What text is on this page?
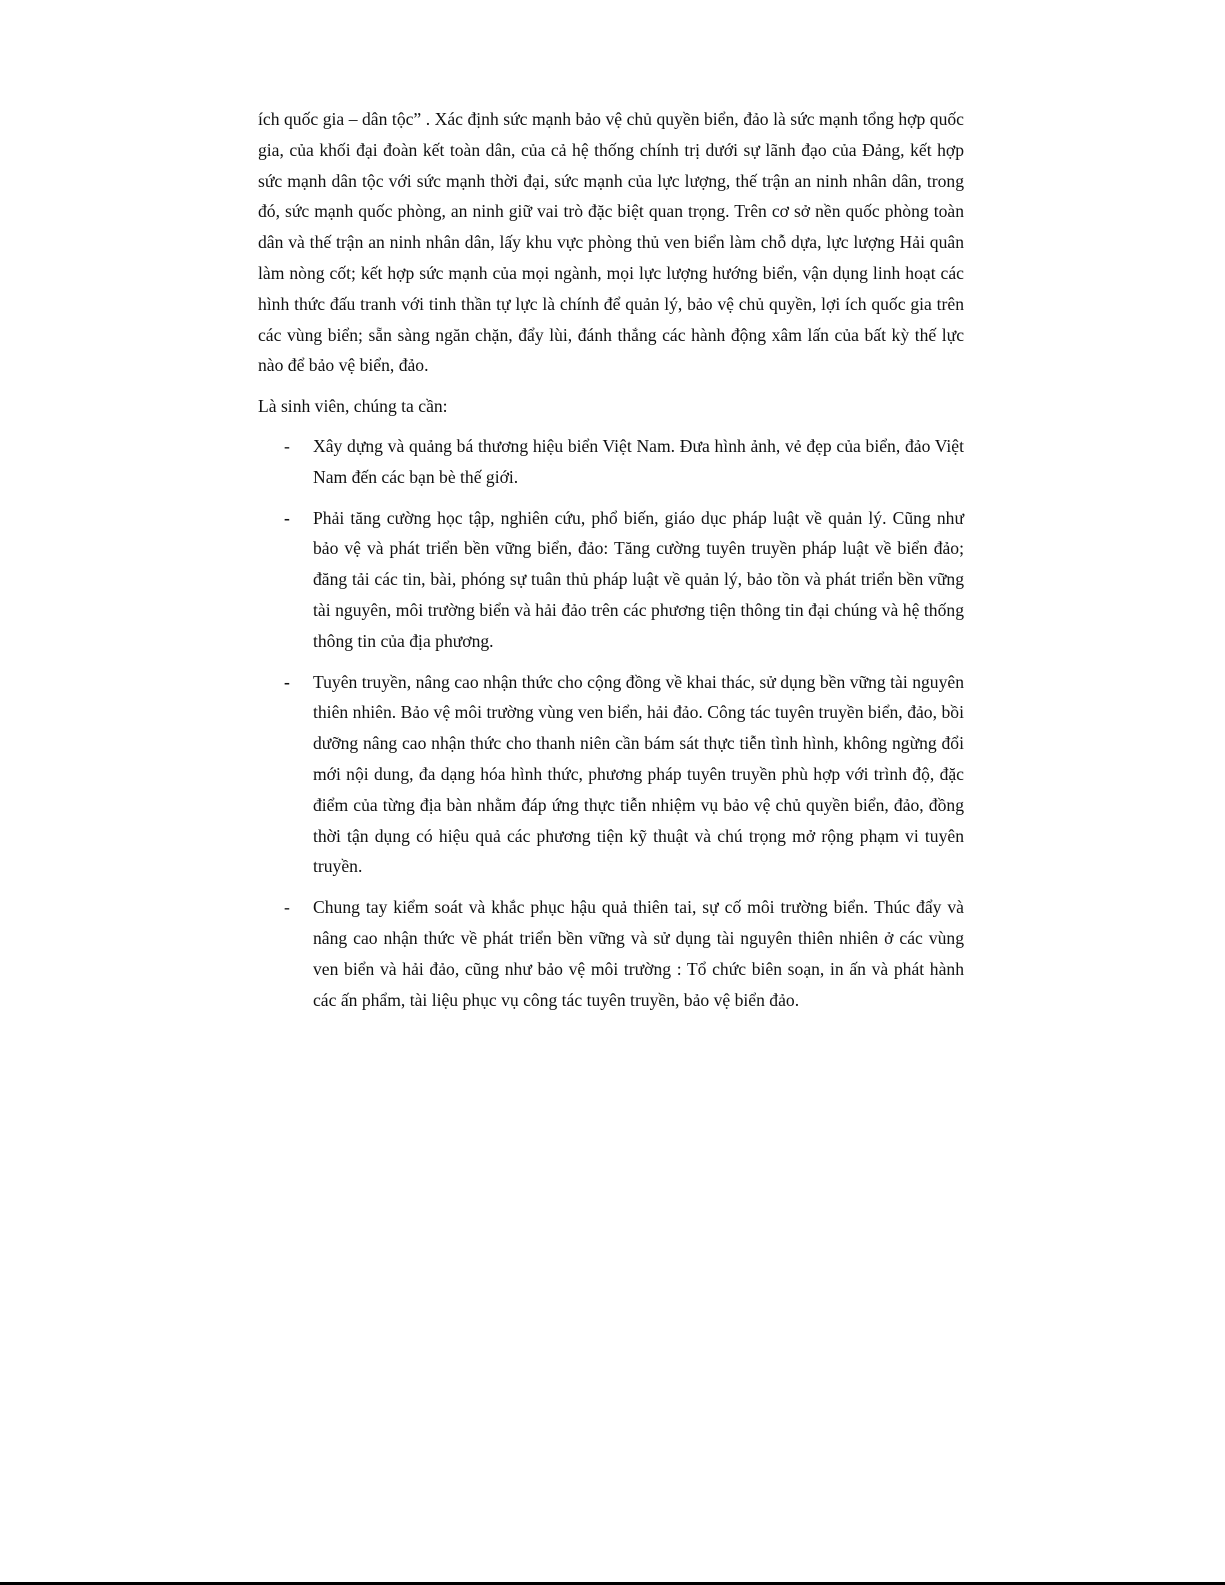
ích quốc gia – dân tộc” . Xác định sức mạnh bảo vệ chủ quyền biển, đảo là sức mạnh tổng hợp quốc gia, của khối đại đoàn kết toàn dân, của cả hệ thống chính trị dưới sự lãnh đạo của Đảng, kết hợp sức mạnh dân tộc với sức mạnh thời đại, sức mạnh của lực lượng, thế trận an ninh nhân dân, trong đó, sức mạnh quốc phòng, an ninh giữ vai trò đặc biệt quan trọng. Trên cơ sở nền quốc phòng toàn dân và thế trận an ninh nhân dân, lấy khu vực phòng thủ ven biển làm chỗ dựa, lực lượng Hải quân làm nòng cốt; kết hợp sức mạnh của mọi ngành, mọi lực lượng hướng biển, vận dụng linh hoạt các hình thức đấu tranh với tinh thần tự lực là chính để quản lý, bảo vệ chủ quyền, lợi ích quốc gia trên các vùng biển; sẵn sàng ngăn chặn, đẩy lùi, đánh thắng các hành động xâm lấn của bất kỳ thế lực nào để bảo vệ biển, đảo.

Là sinh viên, chúng ta cần:

- Xây dựng và quảng bá thương hiệu biển Việt Nam. Đưa hình ảnh, vẻ đẹp của biển, đảo Việt Nam đến các bạn bè thế giới.
- Phải tăng cường học tập, nghiên cứu, phổ biến, giáo dục pháp luật về quản lý. Cũng như bảo vệ và phát triển bền vững biển, đảo: Tăng cường tuyên truyền pháp luật về biển đảo; đăng tải các tin, bài, phóng sự tuân thủ pháp luật về quản lý, bảo tồn và phát triển bền vững tài nguyên, môi trường biển và hải đảo trên các phương tiện thông tin đại chúng và hệ thống thông tin của địa phương.
- Tuyên truyền, nâng cao nhận thức cho cộng đồng về khai thác, sử dụng bền vững tài nguyên thiên nhiên. Bảo vệ môi trường vùng ven biển, hải đảo. Công tác tuyên truyền biển, đảo, bồi dưỡng nâng cao nhận thức cho thanh niên cần bám sát thực tiễn tình hình, không ngừng đổi mới nội dung, đa dạng hóa hình thức, phương pháp tuyên truyền phù hợp với trình độ, đặc điểm của từng địa bàn nhằm đáp ứng thực tiễn nhiệm vụ bảo vệ chủ quyền biển, đảo, đồng thời tận dụng có hiệu quả các phương tiện kỹ thuật và chú trọng mở rộng phạm vi tuyên truyền.
- Chung tay kiểm soát và khắc phục hậu quả thiên tai, sự cố môi trường biển. Thúc đẩy và nâng cao nhận thức về phát triển bền vững và sử dụng tài nguyên thiên nhiên ở các vùng ven biển và hải đảo, cũng như bảo vệ môi trường : Tổ chức biên soạn, in ấn và phát hành các ấn phẩm, tài liệu phục vụ công tác tuyên truyền, bảo vệ biển đảo.
